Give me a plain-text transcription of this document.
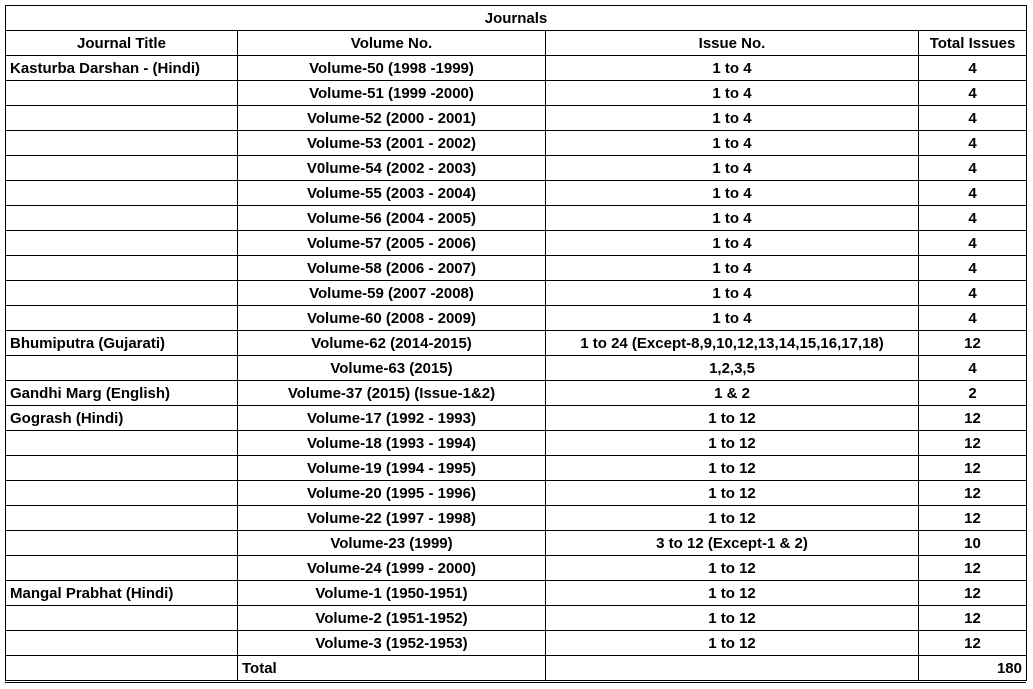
Journals			
Journal Title	Volume No.	Issue No.	Total Issues
Kasturba Darshan - (Hindi)	Volume-50 (1998 -1999)	1 to 4	4
	Volume-51 (1999 -2000)	1 to 4	4
	Volume-52 (2000 - 2001)	1 to 4	4
	Volume-53 (2001 - 2002)	1 to 4	4
	V0lume-54 (2002 - 2003)	1 to 4	4
	Volume-55 (2003 - 2004)	1 to 4	4
	Volume-56 (2004 - 2005)	1 to 4	4
	Volume-57 (2005 - 2006)	1 to 4	4
	Volume-58 (2006 - 2007)	1 to 4	4
	Volume-59 (2007 -2008)	1 to 4	4
	Volume-60 (2008 - 2009)	1 to 4	4
Bhumiputra (Gujarati)	Volume-62 (2014-2015)	1 to 24 (Except-8,9,10,12,13,14,15,16,17,18)	12
	Volume-63 (2015)	1,2,3,5	4
Gandhi Marg (English)	Volume-37 (2015) (Issue-1&2)	1 & 2	2
Gogrash (Hindi)	Volume-17 (1992 - 1993)	1 to 12	12
	Volume-18 (1993 - 1994)	1 to 12	12
	Volume-19 (1994 - 1995)	1 to 12	12
	Volume-20 (1995 - 1996)	1 to 12	12
	Volume-22 (1997 - 1998)	1 to 12	12
	Volume-23 (1999)	3 to 12 (Except-1 & 2)	10
	Volume-24 (1999 - 2000)	1 to 12	12
Mangal Prabhat (Hindi)	Volume-1 (1950-1951)	1 to 12	12
	Volume-2 (1951-1952)	1 to 12	12
	Volume-3 (1952-1953)	1 to 12	12
	Total		180
